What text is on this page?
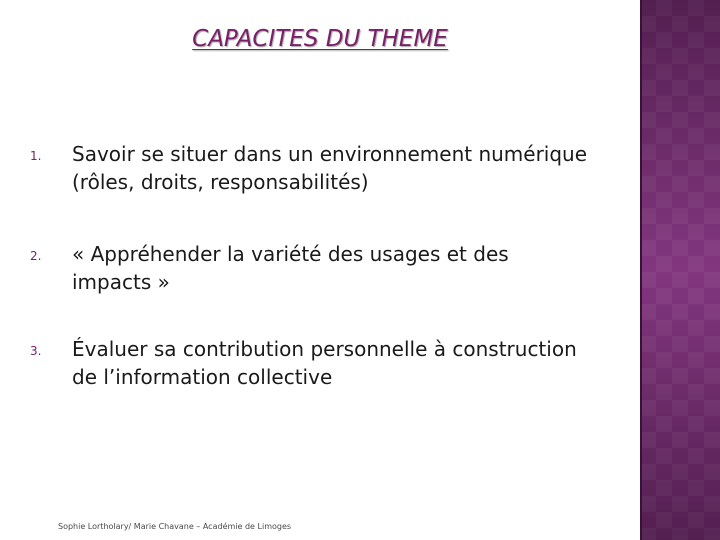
CAPACITES DU THEME
1. Savoir se situer dans un environnement numérique
(rôles, droits, responsabilités)
2. « Appréhender la variété des usages et des
impacts »
3. Évaluer sa contribution personnelle à construction
de l’information collective
Sophie Lortholary/ Marie Chavane – Académie de Limoges
